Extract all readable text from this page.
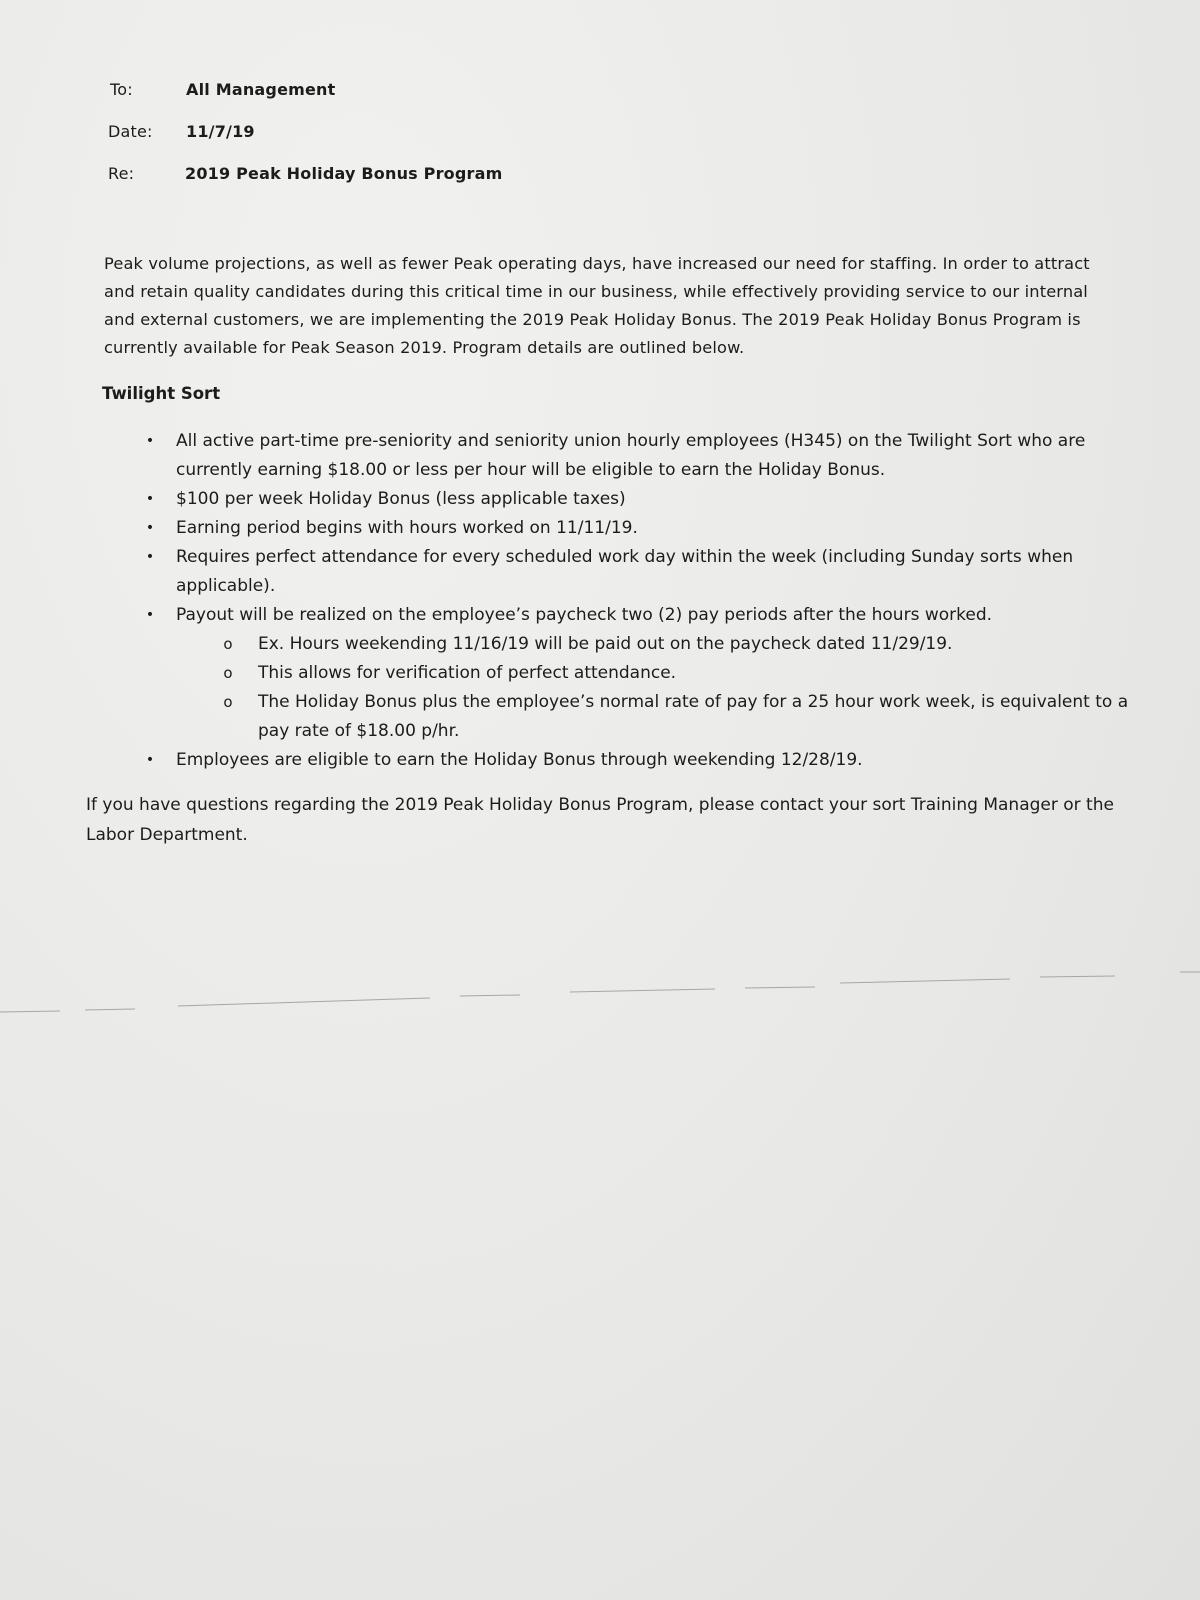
To:	All Management
Date: 11/7/19
Re:	2019 Peak Holiday Bonus Program

Peak volume projections, as well as fewer Peak operating days, have increased our need for staffing. In order to attract and retain quality candidates during this critical time in our business, while effectively providing service to our internal and external customers, we are implementing the 2019 Peak Holiday Bonus. The 2019 Peak Holiday Bonus Program is currently available for Peak Season 2019. Program details are outlined below.

Twilight Sort
•	All active part-time pre-seniority and seniority union hourly employees (H345) on the Twilight Sort who are currently earning $18.00 or less per hour will be eligible to earn the Holiday Bonus.
•	$100 per week Holiday Bonus (less applicable taxes)
•	Earning period begins with hours worked on 11/11/19.
•	Requires perfect attendance for every scheduled work day within the week (including Sunday sorts when applicable).
•	Payout will be realized on the employee’s paycheck two (2) pay periods after the hours worked.
o Ex. Hours weekending 11/16/19 will be paid out on the paycheck dated 11/29/19.
o This allows for verification of perfect attendance.
o The Holiday Bonus plus the employee’s normal rate of pay for a 25 hour work week, is equivalent to a pay rate of $18.00 p/hr.
•	Employees are eligible to earn the Holiday Bonus through weekending 12/28/19.

If you have questions regarding the 2019 Peak Holiday Bonus Program, please contact your sort Training Manager or the Labor Department.
